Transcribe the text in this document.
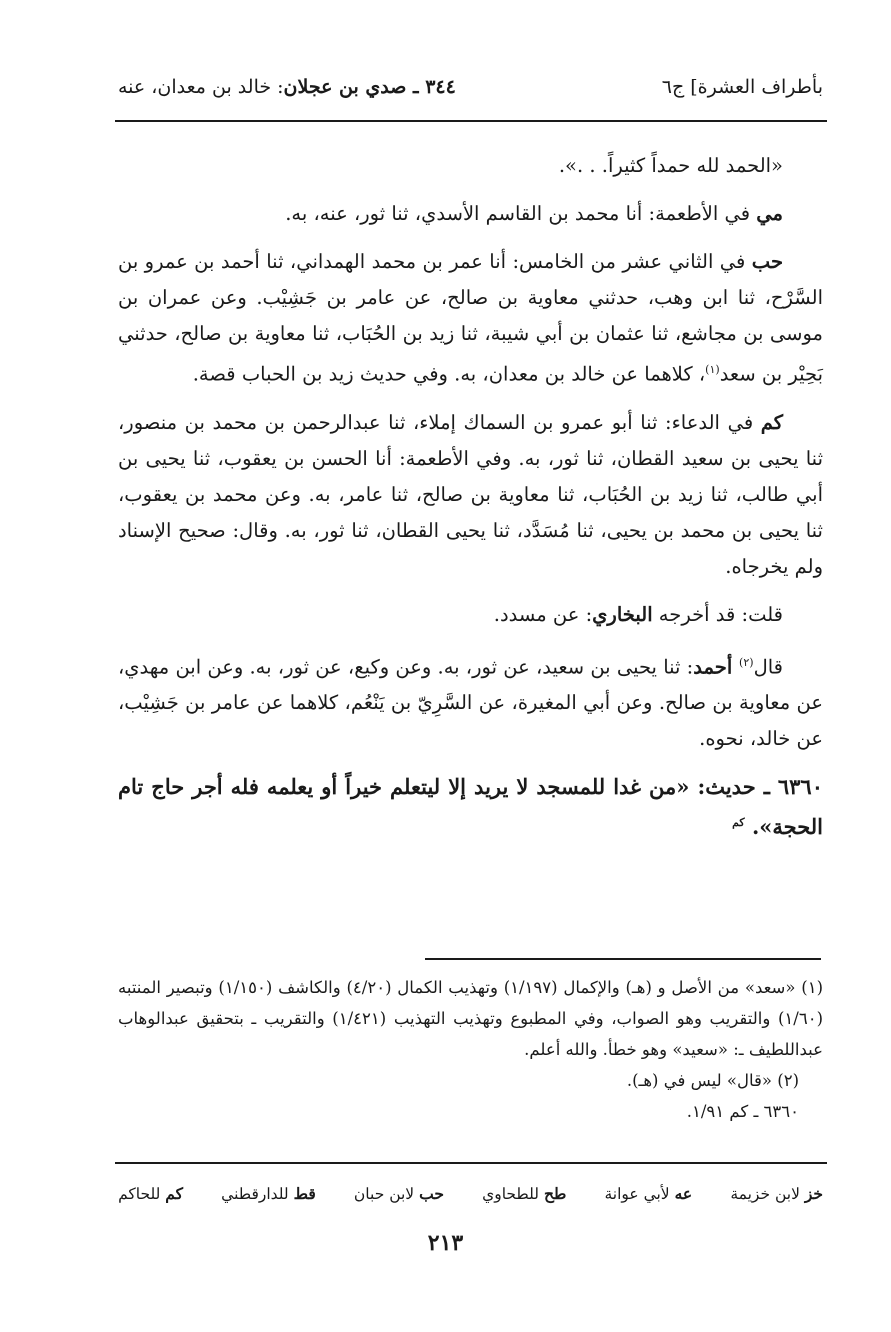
بأطراف العشرة] ج٦
٣٤٤ ـ صدي بن عجلان: خالد بن معدان، عنه

«الحمد لله حمداً كثيراً. . .».

مي في الأطعمة: أنا محمد بن القاسم الأسدي، ثنا ثور، عنه، به.

حب في الثاني عشر من الخامس: أنا عمر بن محمد الهمداني، ثنا أحمد بن عمرو بن السَّرْح، ثنا ابن وهب، حدثني معاوية بن صالح، عن عامر بن جَشِيْب. وعن عمران بن موسى بن مجاشع، ثنا عثمان بن أبي شيبة، ثنا زيد بن الحُبَاب، ثنا معاوية بن صالح، حدثني بَحِيْر بن سعد$^{(١)}$، كلاهما عن خالد بن معدان، به. وفي حديث زيد بن الحباب قصة.

كم في الدعاء: ثنا أبو عمرو بن السماك إملاء، ثنا عبدالرحمن بن محمد بن منصور، ثنا يحيى بن سعيد القطان، ثنا ثور، به. وفي الأطعمة: أنا الحسن بن يعقوب، ثنا يحيى بن أبي طالب، ثنا زيد بن الحُبَاب، ثنا معاوية بن صالح، ثنا عامر، به. وعن محمد بن يعقوب، ثنا يحيى بن محمد بن يحيى، ثنا مُسَدَّد، ثنا يحيى القطان، ثنا ثور، به. وقال: صحيح الإسناد ولم يخرجاه.

قلت: قد أخرجه البخاري: عن مسدد.

قال$^{(٢)}$ أحمد: ثنا يحيى بن سعيد، عن ثور، به. وعن وكيع، عن ثور، به. وعن ابن مهدي، عن معاوية بن صالح. وعن أبي المغيرة، عن السَّرِيّ بن يَنْعُم، كلاهما عن عامر بن جَشِيْب، عن خالد، نحوه.

٦٣٦٠ ـ حديث: «من غدا للمسجد لا يريد إلا ليتعلم خيراً أو يعلمه فله أجر حاج تام الحجة». $^{كم}$

(١) «سعد» من الأصل و (هـ) والإكمال (١/١٩٧) وتهذيب الكمال (٤/٢٠) والكاشف (١/١٥٠) وتبصير المنتبه (١/٦٠) والتقريب وهو الصواب، وفي المطبوع وتهذيب التهذيب (١/٤٢١) والتقريب ـ بتحقيق عبدالوهاب عبداللطيف ـ: «سعيد» وهو خطأ. والله أعلم.

(٢) «قال» ليس في (هـ).

٦٣٦٠ ـ كم ١/٩١.

خز لابن خزيمة
عه لأبي عوانة
طح للطحاوي
حب لابن حبان
قط للدارقطني
كم للحاكم
٢١٣
